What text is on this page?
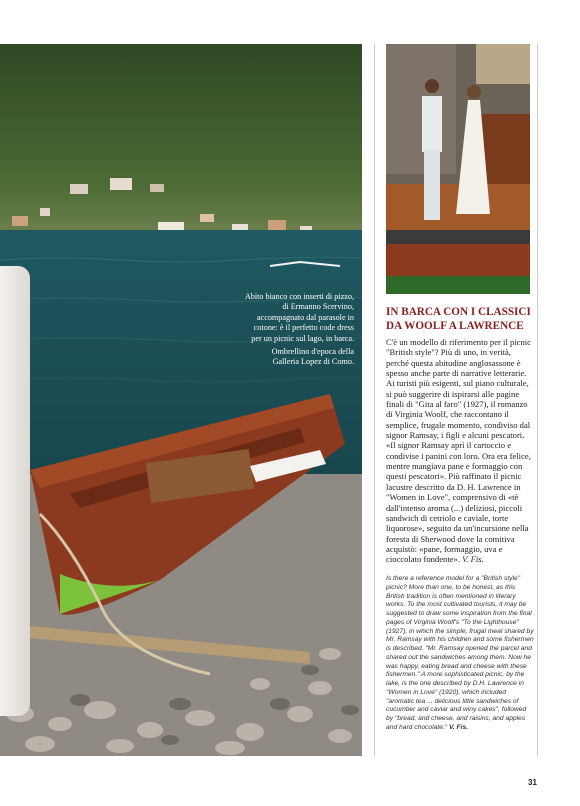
Abito bianco con inserti di pizzo, di Ermanno Scervino, accompagnato dal parasole in cotone: è il perfetto code dress per un picnic sul lago, in barca.

Ombrellino d'epoca della Galleria Lopez di Como.

IN BARCA CON I CLASSICI DA WOOLF A LAWRENCE

C'è un modello di riferimento per il picnic "British style"? Più di uno, in verità, perché questa abitudine anglosassone è spesso anche parte di narrative letterarie. Ai turisti più esigenti, sul piano culturale, si può suggerire di ispirarsi alle pagine finali di "Gita al faro" (1927), il romanzo di Virginia Woolf, che raccontano il semplice, frugale momento, condiviso dal signor Ramsay, i figli e alcuni pescatori. «Il signor Ramsay aprì il cartoccio e condivise i panini con loro. Ora era felice, mentre mangiava pane e formaggio con questi pescatori». Più raffinato il picnic lacustre descritto da D. H. Lawrence in "Women in Love", comprensivo di «tè dall'intenso aroma (...) deliziosi, piccoli sandwich di cetriolo e caviale, torte liquorose», seguito da un'incursione nella foresta di Sherwood dove la comitiva acquistò: «pane, formaggio, uva e cioccolato fondente». V. Fis.

Is there a reference model for a "British style" picnic? More than one, to be honest, as this British tradition is often mentioned in literary works. To the most cultivated tourists, it may be suggested to draw some inspiration from the final pages of Virginia Woolf's "To the Lighthouse" (1927), in which the simple, frugal meal shared by Mr. Ramsay with his children and some fishermen is described. "Mr. Ramsay opened the parcel and shared out the sandwiches among them. Now he was happy, eating bread and cheese with these fishermen." A more sophisticated picnic, by the lake, is the one described by D.H. Lawrence in "Women in Love" (1920), which included "aromatic tea ... delicious little sandwiches of cucumber and caviar and winy cakes", followed by "bread, and cheese, and raisins, and apples and hard chocolate." V. Fis.

31
